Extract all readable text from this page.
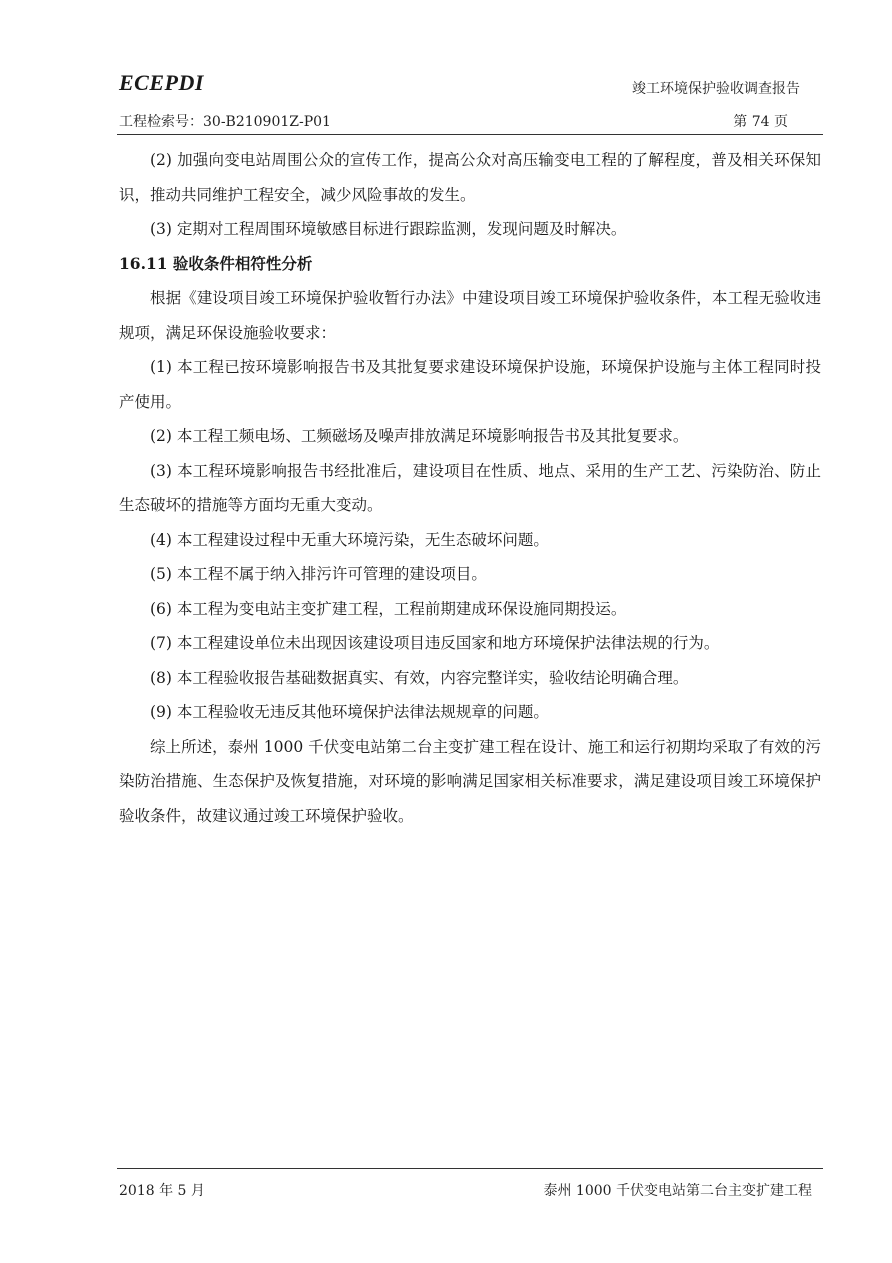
ECEPDI	竣工环境保护验收调查报告
工程检索号：30-B210901Z-P01	第 74 页

(2) 加强向变电站周围公众的宣传工作，提高公众对高压输变电工程的了解程度，普及相关环保知识，推动共同维护工程安全，减少风险事故的发生。

(3) 定期对工程周围环境敏感目标进行跟踪监测，发现问题及时解决。

16.11 验收条件相符性分析

根据《建设项目竣工环境保护验收暂行办法》中建设项目竣工环境保护验收条件，本工程无验收违规项，满足环保设施验收要求：

(1) 本工程已按环境影响报告书及其批复要求建设环境保护设施，环境保护设施与主体工程同时投产使用。

(2) 本工程工频电场、工频磁场及噪声排放满足环境影响报告书及其批复要求。

(3) 本工程环境影响报告书经批准后，建设项目在性质、地点、采用的生产工艺、污染防治、防止生态破坏的措施等方面均无重大变动。

(4) 本工程建设过程中无重大环境污染，无生态破坏问题。

(5) 本工程不属于纳入排污许可管理的建设项目。

(6) 本工程为变电站主变扩建工程，工程前期建成环保设施同期投运。

(7) 本工程建设单位未出现因该建设项目违反国家和地方环境保护法律法规的行为。

(8) 本工程验收报告基础数据真实、有效，内容完整详实，验收结论明确合理。

(9) 本工程验收无违反其他环境保护法律法规规章的问题。

综上所述，泰州 1000 千伏变电站第二台主变扩建工程在设计、施工和运行初期均采取了有效的污染防治措施、生态保护及恢复措施，对环境的影响满足国家相关标准要求，满足建设项目竣工环境保护验收条件，故建议通过竣工环境保护验收。

2018 年 5 月	泰州 1000 千伏变电站第二台主变扩建工程
